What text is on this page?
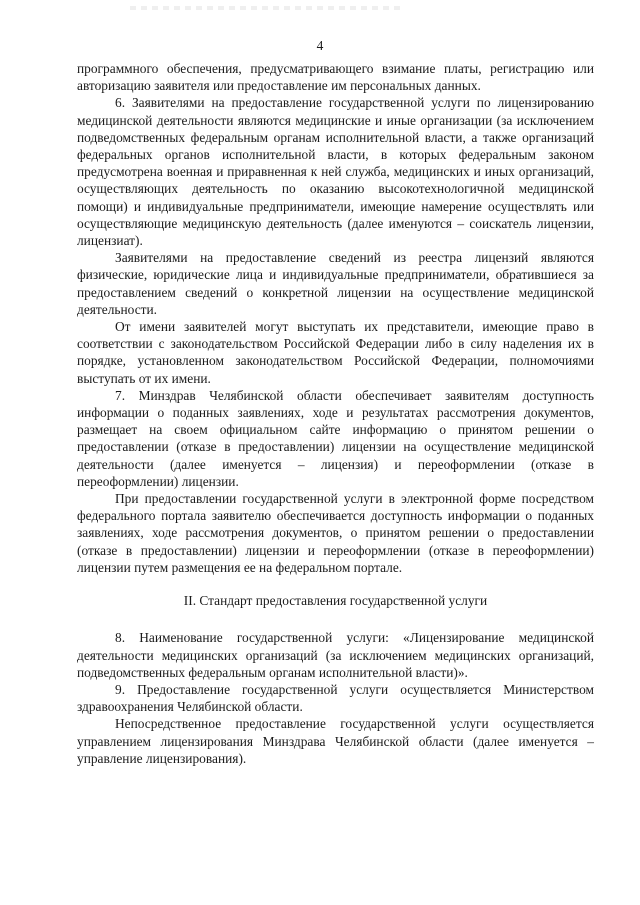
4

программного обеспечения, предусматривающего взимание платы, регистрацию или авторизацию заявителя или предоставление им персональных данных.

6. Заявителями на предоставление государственной услуги по лицензированию медицинской деятельности являются медицинские и иные организации (за исключением подведомственных федеральным органам исполнительной власти, а также организаций федеральных органов исполнительной власти, в которых федеральным законом предусмотрена военная и приравненная к ней служба, медицинских и иных организаций, осуществляющих деятельность по оказанию высокотехнологичной медицинской помощи) и индивидуальные предприниматели, имеющие намерение осуществлять или осуществляющие медицинскую деятельность (далее именуются – соискатель лицензии, лицензиат).

Заявителями на предоставление сведений из реестра лицензий являются физические, юридические лица и индивидуальные предприниматели, обратившиеся за предоставлением сведений о конкретной лицензии на осуществление медицинской деятельности.

От имени заявителей могут выступать их представители, имеющие право в соответствии с законодательством Российской Федерации либо в силу наделения их в порядке, установленном законодательством Российской Федерации, полномочиями выступать от их имени.

7. Минздрав Челябинской области обеспечивает заявителям доступность информации о поданных заявлениях, ходе и результатах рассмотрения документов, размещает на своем официальном сайте информацию о принятом решении о предоставлении (отказе в предоставлении) лицензии на осуществление медицинской деятельности (далее именуется – лицензия) и переоформлении (отказе в переоформлении) лицензии.

При предоставлении государственной услуги в электронной форме посредством федерального портала заявителю обеспечивается доступность информации о поданных заявлениях, ходе рассмотрения документов, о принятом решении о предоставлении (отказе в предоставлении) лицензии и переоформлении (отказе в переоформлении) лицензии путем размещения ее на федеральном портале.

II. Стандарт предоставления государственной услуги

8. Наименование государственной услуги: «Лицензирование медицинской деятельности медицинских организаций (за исключением медицинских организаций, подведомственных федеральным органам исполнительной власти)».

9. Предоставление государственной услуги осуществляется Министерством здравоохранения Челябинской области.

Непосредственное предоставление государственной услуги осуществляется управлением лицензирования Минздрава Челябинской области (далее именуется – управление лицензирования).
